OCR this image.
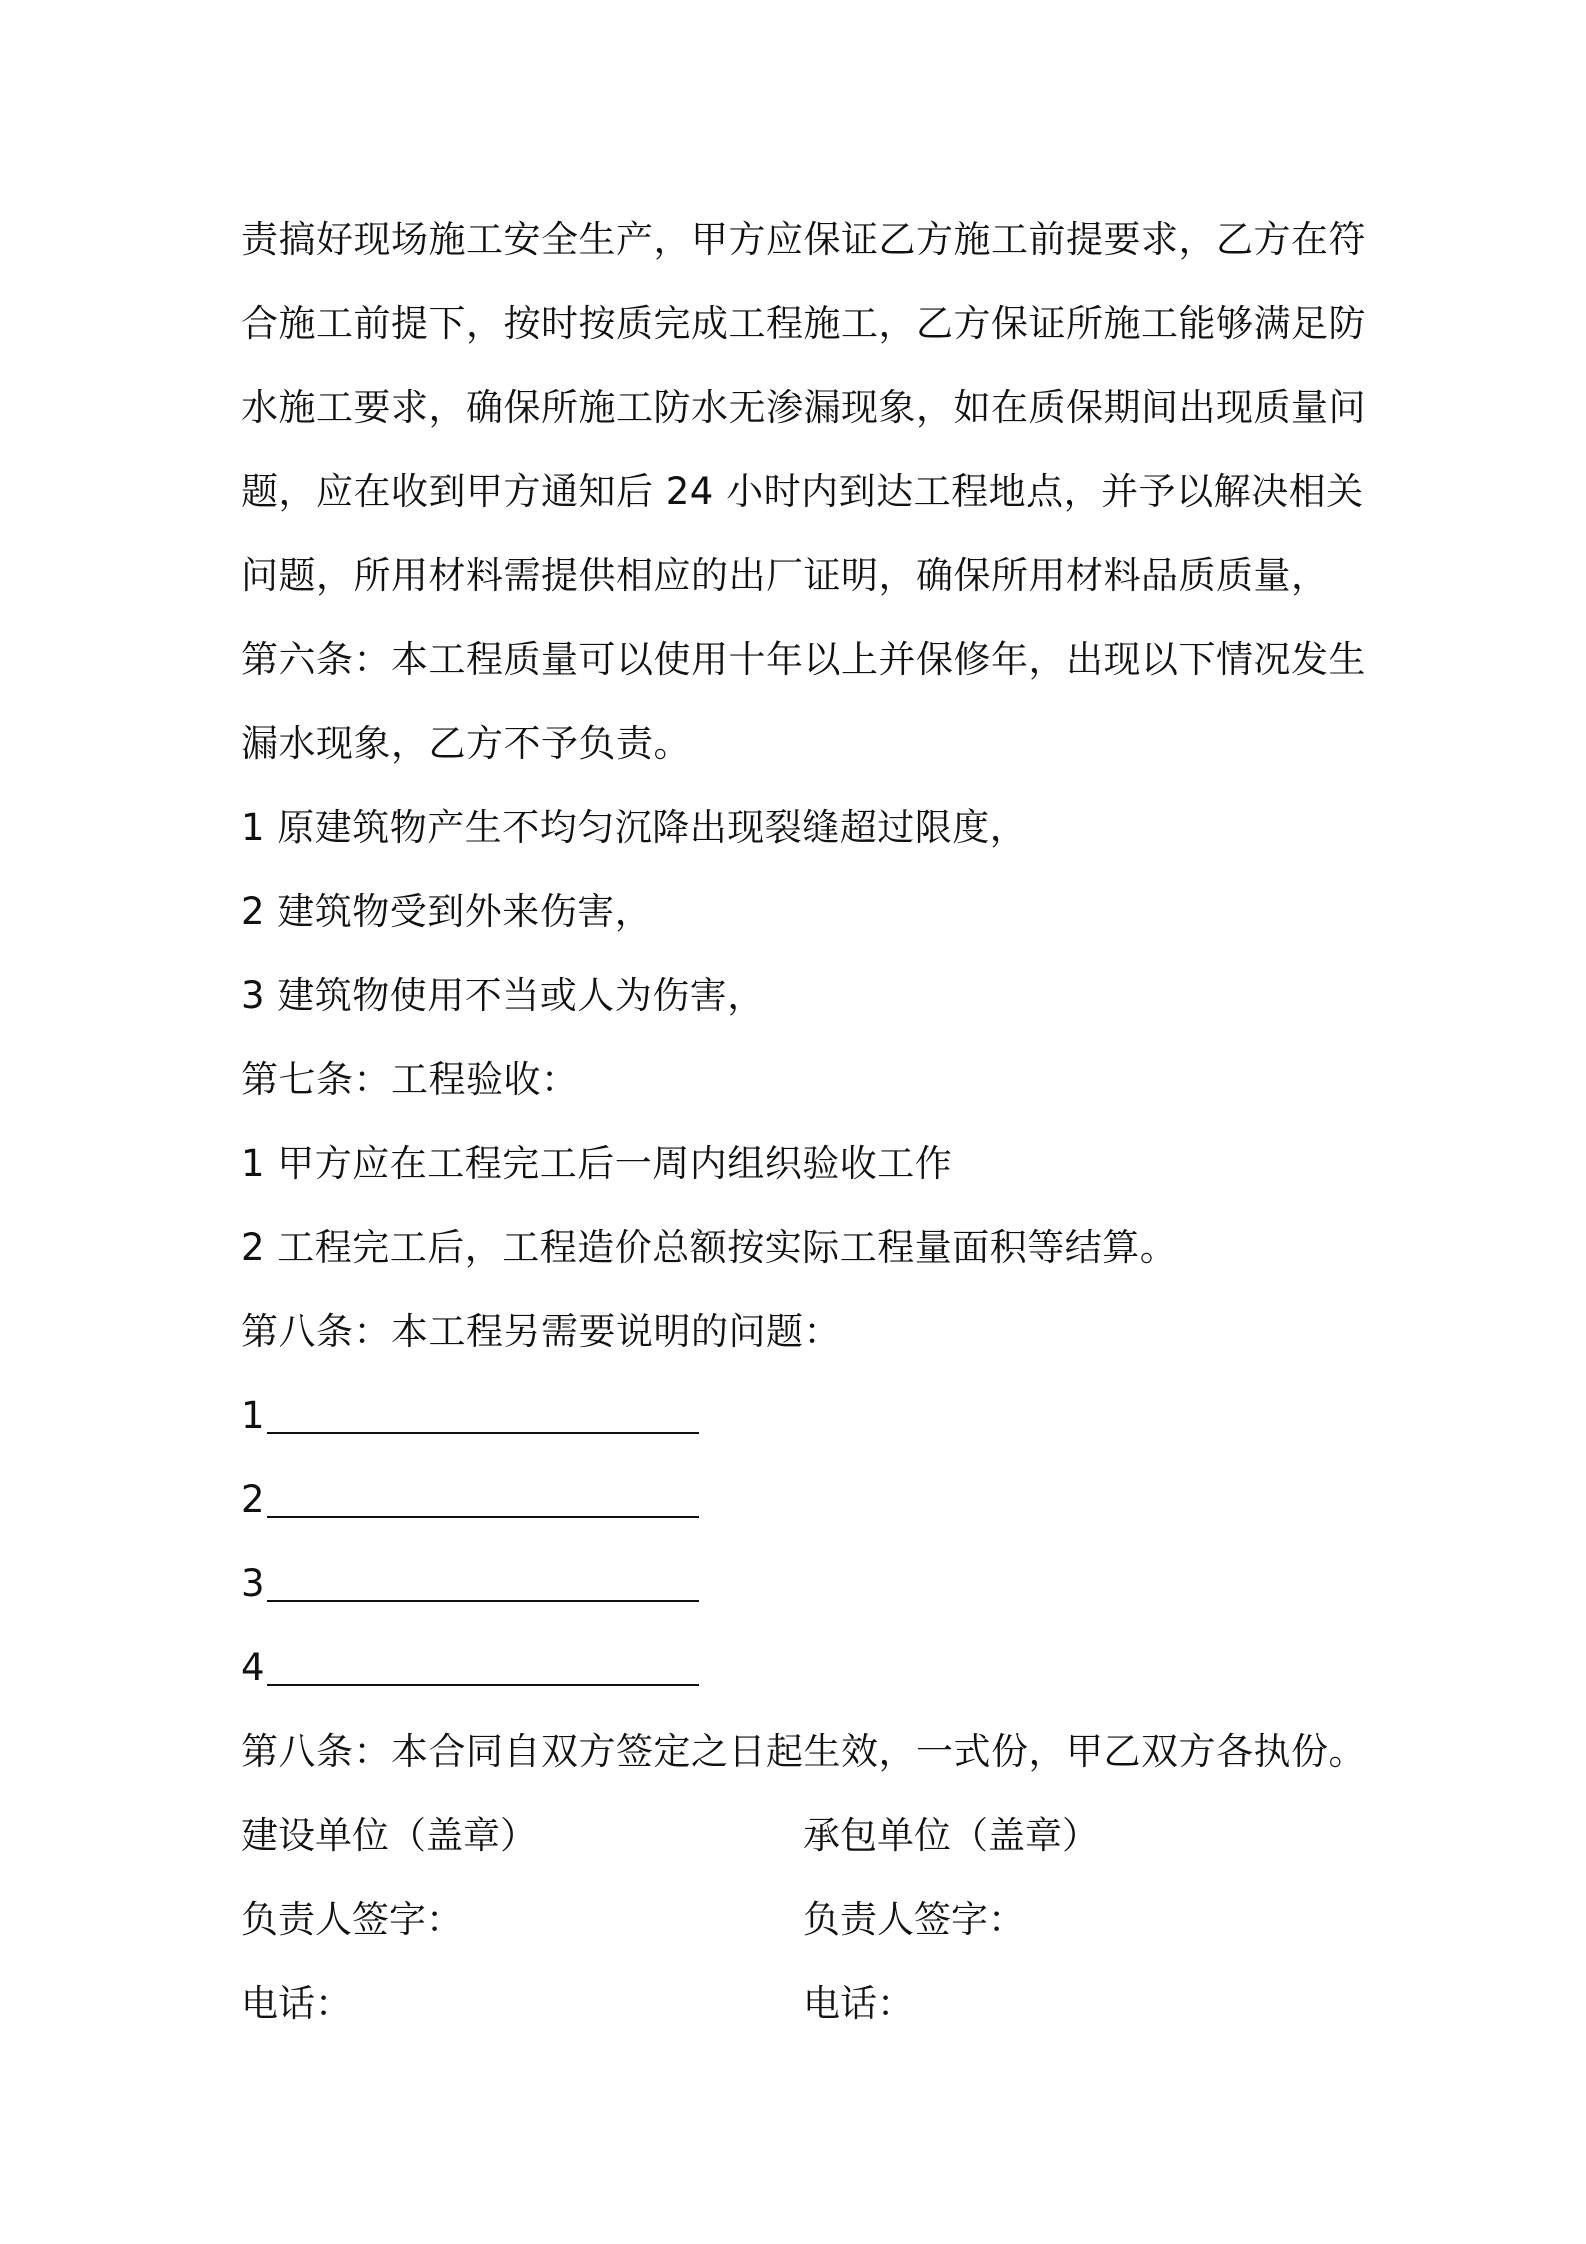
责搞好现场施工安全生产，甲方应保证乙方施工前提要求，乙方在符
合施工前提下，按时按质完成工程施工，乙方保证所施工能够满足防
水施工要求，确保所施工防水无渗漏现象，如在质保期间出现质量问
题，应在收到甲方通知后 24 小时内到达工程地点，并予以解决相关
问题，所用材料需提供相应的出厂证明，确保所用材料品质质量，
第六条：本工程质量可以使用十年以上并保修年，出现以下情况发生
漏水现象，乙方不予负责。
1 原建筑物产生不均匀沉降出现裂缝超过限度，
2 建筑物受到外来伤害，
3 建筑物使用不当或人为伤害，
第七条：工程验收：
1 甲方应在工程完工后一周内组织验收工作
2 工程完工后，工程造价总额按实际工程量面积等结算。
第八条：本工程另需要说明的问题：
1
2
3
4
第八条：本合同自双方签定之日起生效，一式份，甲乙双方各执份。
建设单位（盖章）	承包单位（盖章）
负责人签字：	负责人签字：
电话：	电话：
